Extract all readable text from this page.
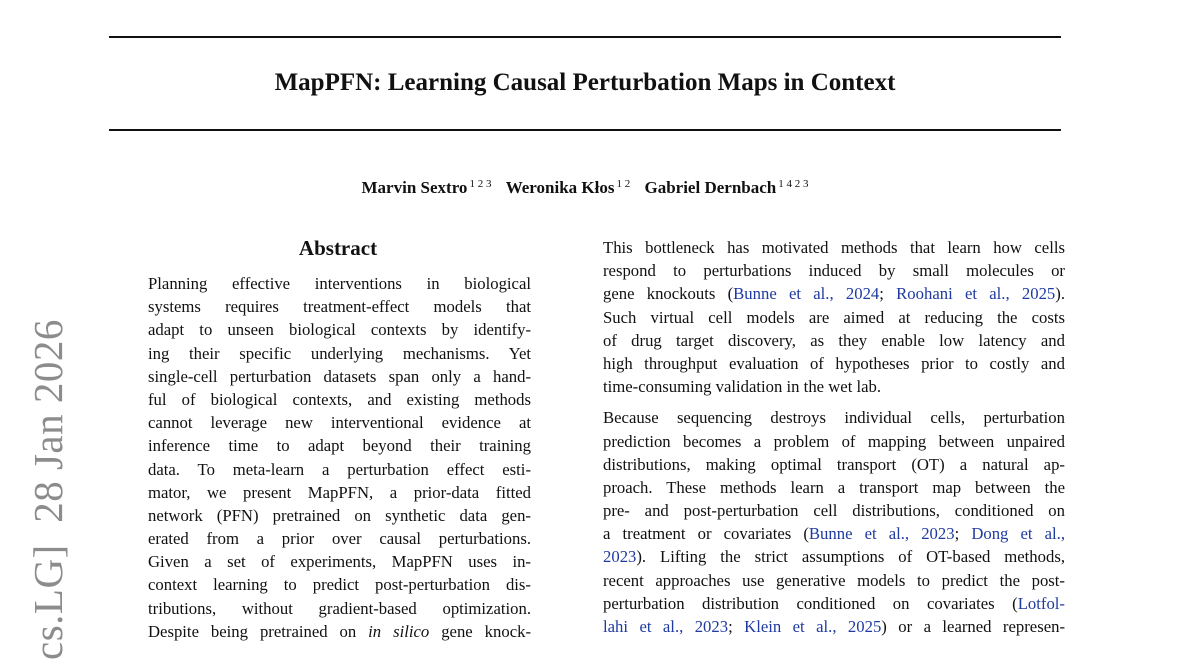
MapPFN: Learning Causal Perturbation Maps in Context
Marvin Sextro $^{1 2 3}$ Weronika Kłos $^{1 2}$ Gabriel Dernbach $^{1 4 2 3}$
cs.LG]  28 Jan 2026
Abstract
Planning effective interventions in biological
systems requires treatment-effect models that
adapt to unseen biological contexts by identify-
ing their specific underlying mechanisms. Yet
single-cell perturbation datasets span only a hand-
ful of biological contexts, and existing methods
cannot leverage new interventional evidence at
inference time to adapt beyond their training
data. To meta-learn a perturbation effect esti-
mator, we present MapPFN, a prior-data fitted
network (PFN) pretrained on synthetic data gen-
erated from a prior over causal perturbations.
Given a set of experiments, MapPFN uses in-
context learning to predict post-perturbation dis-
tributions, without gradient-based optimization.
Despite being pretrained on in silico gene knock-
This bottleneck has motivated methods that learn how cells
respond to perturbations induced by small molecules or
gene knockouts (Bunne et al., 2024; Roohani et al., 2025).
Such virtual cell models are aimed at reducing the costs
of drug target discovery, as they enable low latency and
high throughput evaluation of hypotheses prior to costly and
time-consuming validation in the wet lab.
Because sequencing destroys individual cells, perturbation
prediction becomes a problem of mapping between unpaired
distributions, making optimal transport (OT) a natural ap-
proach. These methods learn a transport map between the
pre- and post-perturbation cell distributions, conditioned on
a treatment or covariates (Bunne et al., 2023; Dong et al.,
2023). Lifting the strict assumptions of OT-based methods,
recent approaches use generative models to predict the post-
perturbation distribution conditioned on covariates (Lotfol-
lahi et al., 2023; Klein et al., 2025) or a learned represen-
